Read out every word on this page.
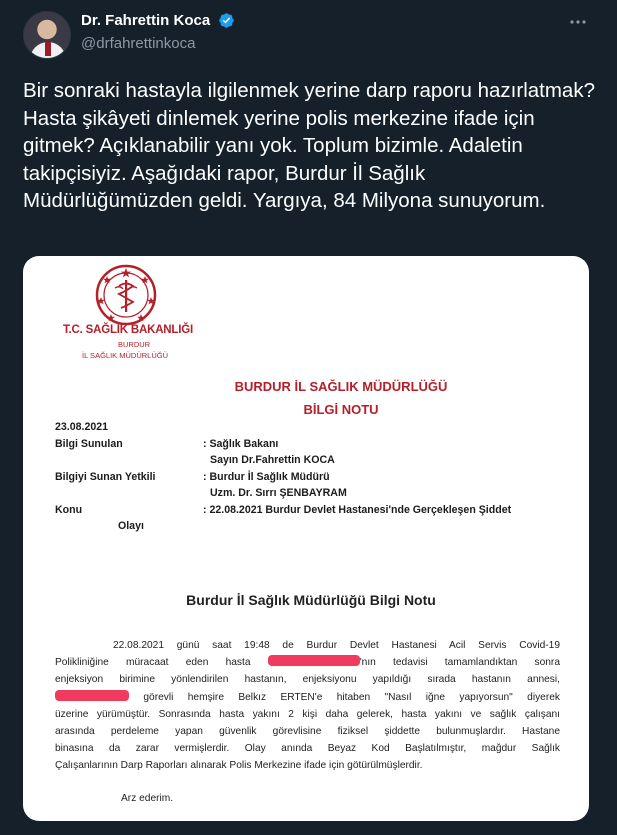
Dr. Fahrettin Koca
@drfahrettinkoca
Bir sonraki hastayla ilgilenmek yerine darp raporu hazırlatmak? Hasta şikâyeti dinlemek yerine polis merkezine ifade için gitmek? Açıklanabilir yanı yok. Toplum bizimle. Adaletin takipçisiyiz. Aşağıdaki rapor, Burdur İl Sağlık Müdürlüğümüzden geldi. Yargıya, 84 Milyona sunuyorum.
T.C. SAĞLIK BAKANLIĞI
BURDUR
İL SAĞLIK MÜDÜRLÜĞÜ
BURDUR İL SAĞLIK MÜDÜRLÜĞÜ
BİLGİ NOTU
23.08.2021
Bilgi Sunulan	: Sağlık Bakanı
Sayın Dr.Fahrettin KOCA
Bilgiyi Sunan Yetkili	: Burdur İl Sağlık Müdürü
Uzm. Dr. Sırrı ŞENBAYRAM
Konu	: 22.08.2021 Burdur Devlet Hastanesi'nde Gerçekleşen Şiddet
Olayı
Burdur İl Sağlık Müdürlüğü Bilgi Notu
22.08.2021 günü saat 19:48 de Burdur Devlet Hastanesi Acil Servis Covid-19
Polikliniğine müracaat eden hasta	'nın tedavisi tamamlandıktan sonra
enjeksiyon birimine yönlendirilen hastanın, enjeksiyonu yapıldığı sırada hastanın annesi,
görevli hemşire Belkız ERTEN'e hitaben "Nasıl iğne yapıyorsun" diyerek
üzerine yürümüştür. Sonrasında hasta yakını 2 kişi daha gelerek, hasta yakını ve sağlık çalışanı
arasında perdeleme yapan güvenlik görevlisine fiziksel şiddette bulunmuşlardır. Hastane
binasına da zarar vermişlerdir. Olay anında Beyaz Kod Başlatılmıştır, mağdur Sağlık
Çalışanlarının Darp Raporları alınarak Polis Merkezine ifade için götürülmüşlerdir.
Arz ederim.
